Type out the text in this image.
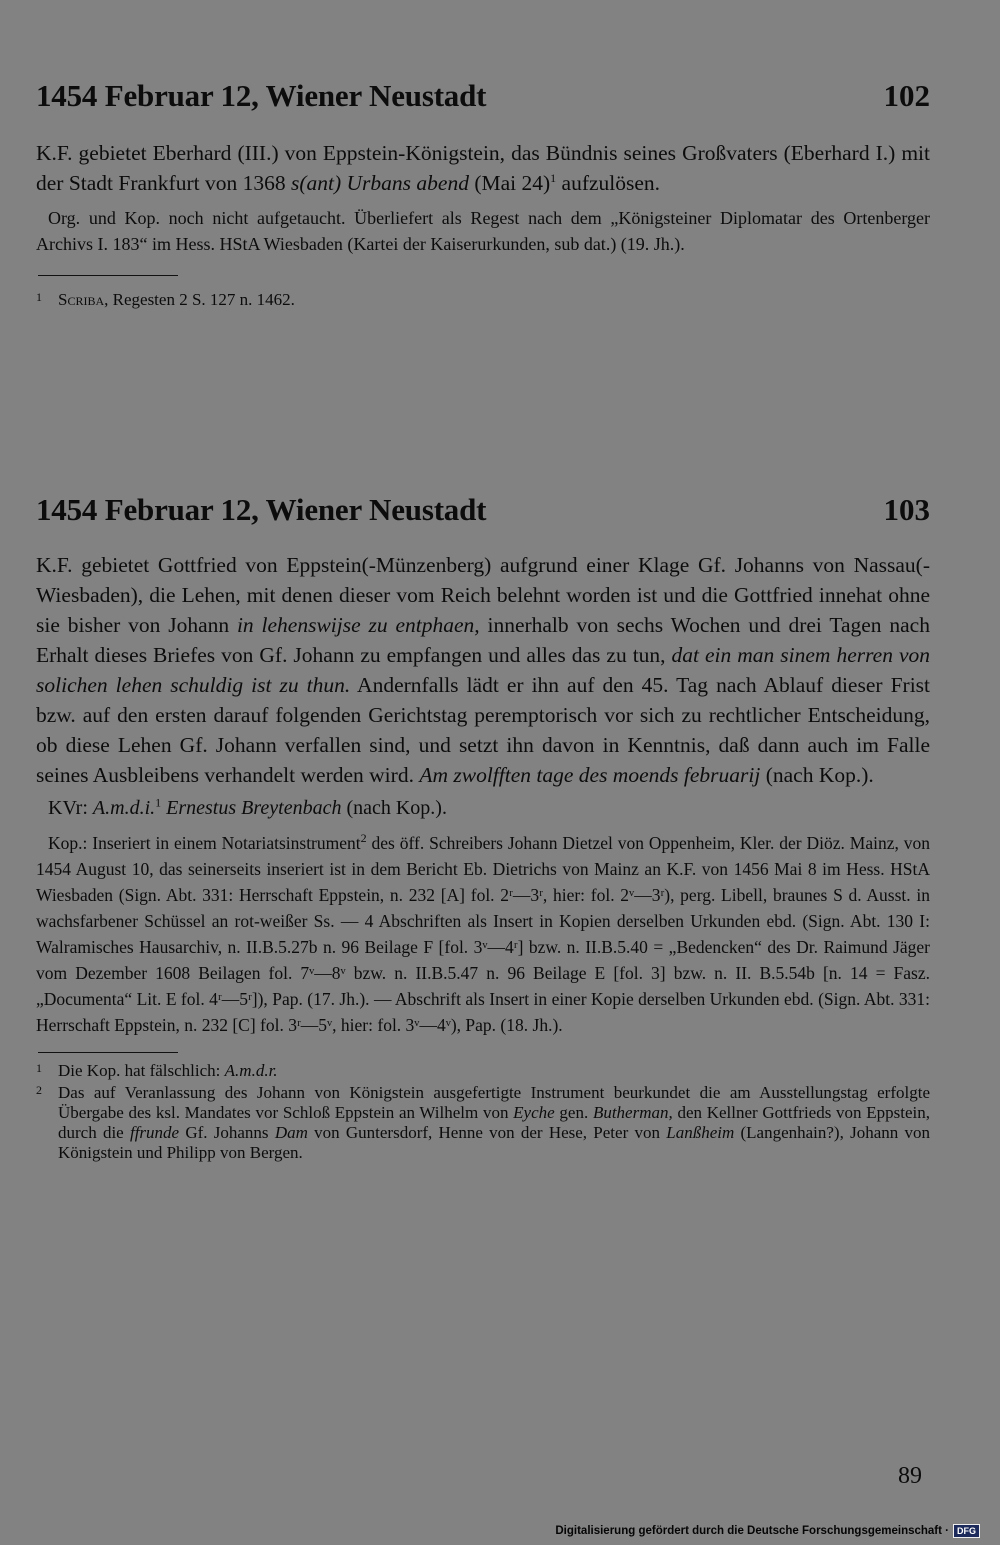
1454 Februar 12, Wiener Neustadt	102
K.F. gebietet Eberhard (III.) von Eppstein-Königstein, das Bündnis seines Großvaters (Eberhard I.) mit der Stadt Frankfurt von 1368 s(ant) Urbans abend (Mai 24)$^1$ aufzulösen.

Org. und Kop. noch nicht aufgetaucht. Überliefert als Regest nach dem „Königsteiner Diplomatar des Ortenberger Archivs I. 183“ im Hess. HStA Wiesbaden (Kartei der Kaiserurkunden, sub dat.) (19. Jh.).

1 Scriba, Regesten 2 S. 127 n. 1462.
1454 Februar 12, Wiener Neustadt	103
K.F. gebietet Gottfried von Eppstein(-Münzenberg) aufgrund einer Klage Gf. Johanns von Nassau(-Wiesbaden), die Lehen, mit denen dieser vom Reich belehnt worden ist und die Gottfried innehat ohne sie bisher von Johann in lehenswijse zu entphaen, innerhalb von sechs Wochen und drei Tagen nach Erhalt dieses Briefes von Gf. Johann zu empfangen und alles das zu tun, dat ein man sinem herren von solichen lehen schuldig ist zu thun. Andernfalls lädt er ihn auf den 45. Tag nach Ablauf dieser Frist bzw. auf den ersten darauf folgenden Gerichtstag peremptorisch vor sich zu rechtlicher Entscheidung, ob diese Lehen Gf. Johann verfallen sind, und setzt ihn davon in Kenntnis, daß dann auch im Falle seines Ausbleibens verhandelt werden wird. Am zwolfften tage des moends februarij (nach Kop.).
KVr: A.m.d.i.$^1$ Ernestus Breytenbach (nach Kop.).

Kop.: Inseriert in einem Notariatsinstrument$^2$ des öff. Schreibers Johann Dietzel von Oppenheim, Kler. der Diöz. Mainz, von 1454 August 10, das seinerseits inseriert ist in dem Bericht Eb. Dietrichs von Mainz an K.F. von 1456 Mai 8 im Hess. HStA Wiesbaden (Sign. Abt. 331: Herrschaft Eppstein, n. 232 [A] fol. 2ʳ—3ʳ, hier: fol. 2ᵛ—3ʳ), perg. Libell, braunes S d. Ausst. in wachsfarbener Schüssel an rot-weißer Ss. — 4 Abschriften als Insert in Kopien derselben Urkunden ebd. (Sign. Abt. 130 I: Walramisches Hausarchiv, n. II.B.5.27b n. 96 Beilage F [fol. 3ᵛ—4ʳ] bzw. n. II.B.5.40 = „Bedencken“ des Dr. Raimund Jäger vom Dezember 1608 Beilagen fol. 7ᵛ—8ᵛ bzw. n. II.B.5.47 n. 96 Beilage E [fol. 3] bzw. n. II. B.5.54b [n. 14 = Fasz. „Documenta“ Lit. E fol. 4ʳ—5ʳ]), Pap. (17. Jh.). — Abschrift als Insert in einer Kopie derselben Urkunden ebd. (Sign. Abt. 331: Herrschaft Eppstein, n. 232 [C] fol. 3ʳ—5ᵛ, hier: fol. 3ᵛ—4ᵛ), Pap. (18. Jh.).

1 Die Kop. hat fälschlich: A.m.d.r.
2 Das auf Veranlassung des Johann von Königstein ausgefertigte Instrument beurkundet die am Ausstellungstag erfolgte Übergabe des ksl. Mandates vor Schloß Eppstein an Wilhelm von Eyche gen. Butherman, den Kellner Gottfrieds von Eppstein, durch die ffrunde Gf. Johanns Dam von Guntersdorf, Henne von der Hese, Peter von Lanßheim (Langenhain?), Johann von Königstein und Philipp von Bergen.
89
Digitalisierung gefördert durch die Deutsche Forschungsgemeinschaft · DFG
